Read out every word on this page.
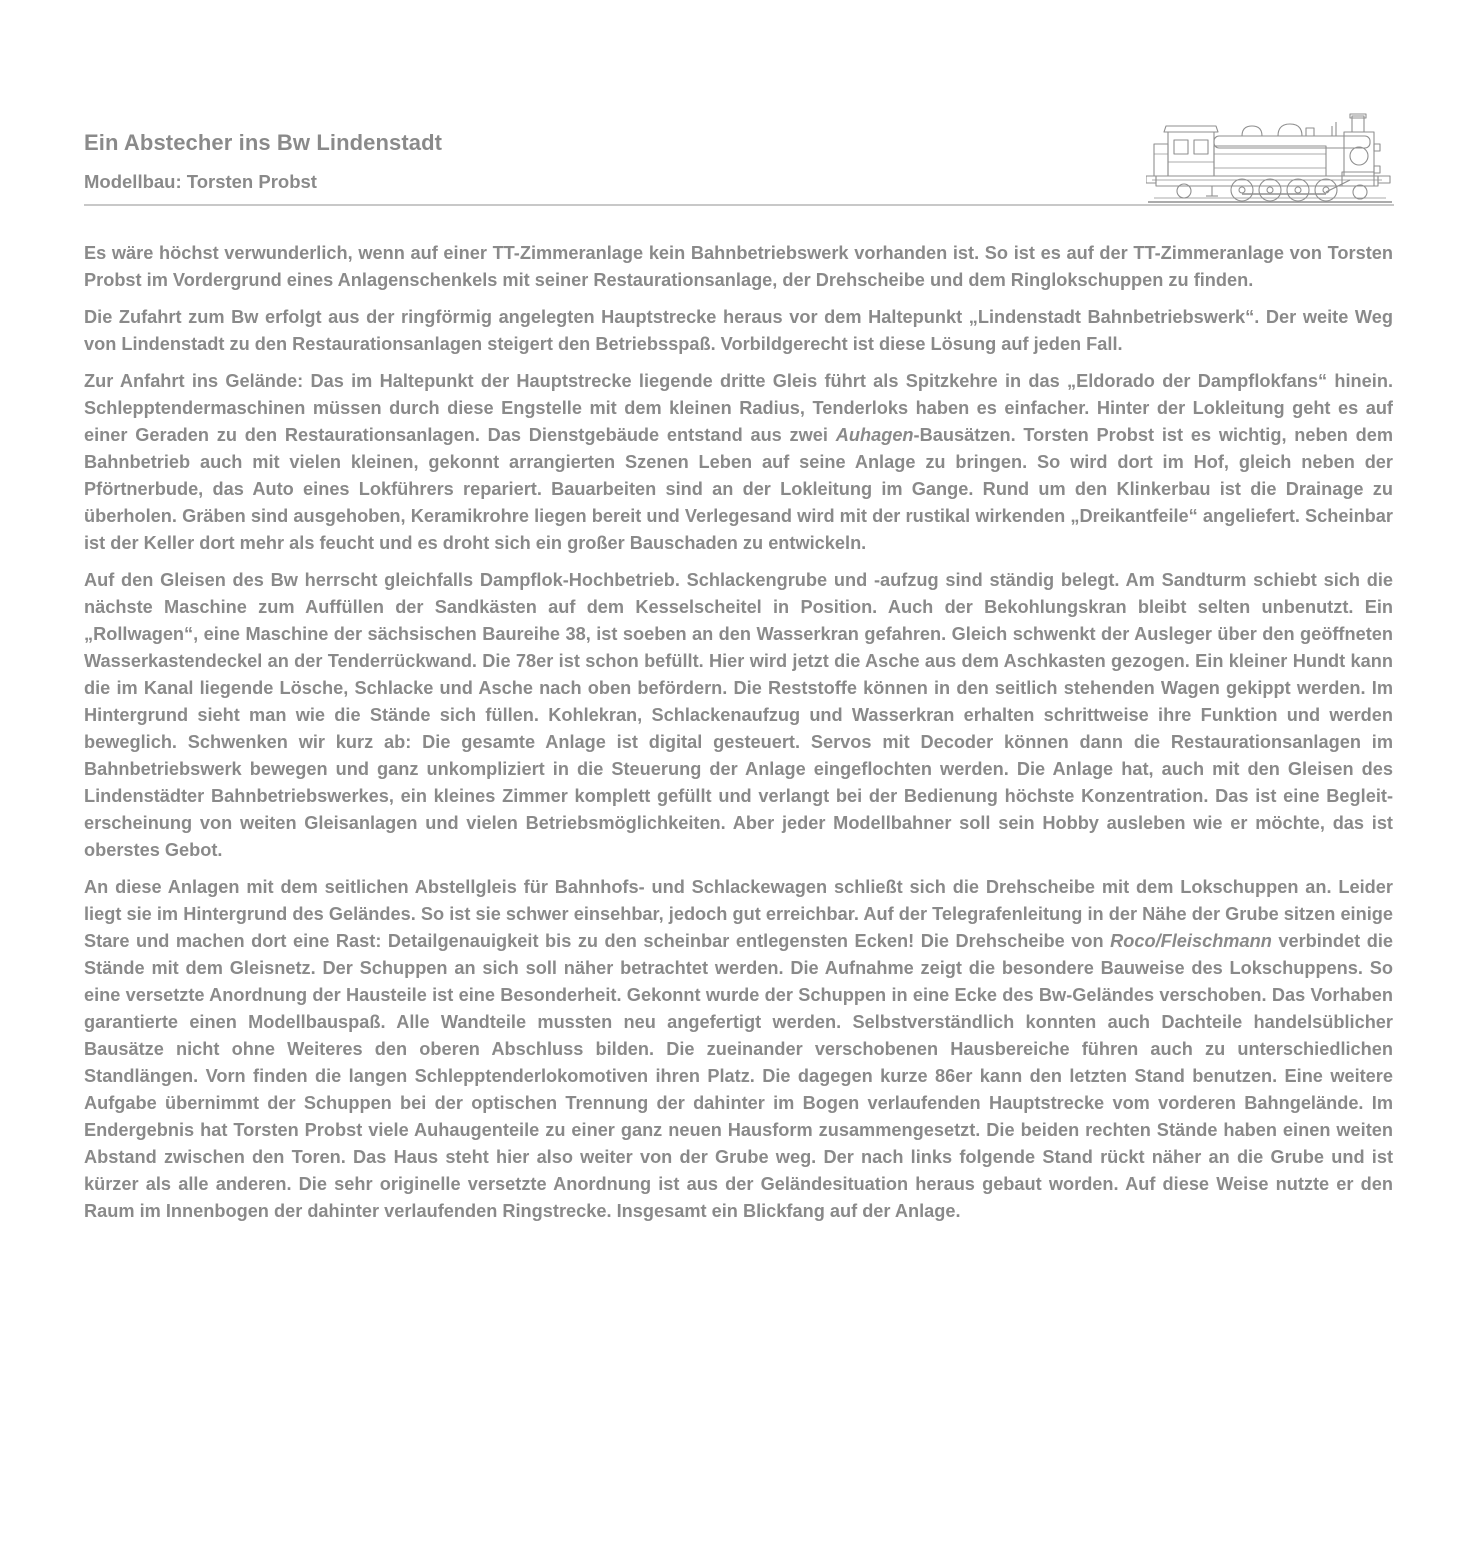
Ein Abstecher ins Bw Lindenstadt
Modellbau: Torsten Probst

Es wäre höchst verwunderlich, wenn auf einer TT-Zimmeranlage kein Bahnbetriebswerk vorhanden ist. So ist es auf der TT-Zimmeranlage von Torsten Probst im Vordergrund eines Anlagenschenkels mit seiner Restaurationsanlage, der Drehscheibe und dem Ringlokschuppen zu finden.

Die Zufahrt zum Bw erfolgt aus der ringförmig angelegten Hauptstrecke heraus vor dem Haltepunkt „Lindenstadt Bahnbetriebswerk“. Der weite Weg von Lindenstadt zu den Restaurationsanlagen steigert den Betriebsspaß. Vorbildgerecht ist diese Lösung auf jeden Fall.

Zur Anfahrt ins Gelände: Das im Haltepunkt der Hauptstrecke liegende dritte Gleis führt als Spitzkehre in das „Eldorado der Dampflokfans“ hinein. Schlepptendermaschinen müssen durch diese Engstelle mit dem kleinen Radius, Tenderloks haben es einfacher. Hinter der Lokleitung geht es auf einer Geraden zu den Restaurationsanlagen. Das Dienstgebäude entstand aus zwei Auhagen-Bausätzen. Torsten Probst ist es wichtig, neben dem Bahnbetrieb auch mit vielen kleinen, gekonnt arrangierten Szenen Leben auf seine Anlage zu bringen. So wird dort im Hof, gleich neben der Pförtnerbude, das Auto eines Lokführers repariert. Bauarbeiten sind an der Lokleitung im Gange. Rund um den Klinkerbau ist die Drainage zu überholen. Gräben sind ausgehoben, Keramikrohre liegen bereit und Verlegesand wird mit der rustikal wirkenden „Dreikantfeile“ angeliefert. Scheinbar ist der Keller dort mehr als feucht und es droht sich ein großer Bauschaden zu entwickeln.

Auf den Gleisen des Bw herrscht gleichfalls Dampflok-Hochbetrieb. Schlackengrube und -aufzug sind ständig belegt. Am Sandturm schiebt sich die nächste Maschine zum Auffüllen der Sandkästen auf dem Kesselscheitel in Position. Auch der Bekohlungskran bleibt selten unbenutzt. Ein „Rollwagen“, eine Maschine der sächsischen Baureihe 38, ist soeben an den Wasserkran gefahren. Gleich schwenkt der Ausleger über den geöffneten Wasserkastendeckel an der Tenderrückwand. Die 78er ist schon befüllt. Hier wird jetzt die Asche aus dem Aschkasten gezogen. Ein kleiner Hundt kann die im Kanal liegende Lösche, Schlacke und Asche nach oben befördern. Die Reststoffe können in den seitlich stehenden Wagen gekippt werden. Im Hintergrund sieht man wie die Stände sich füllen. Kohlekran, Schlackenaufzug und Wasserkran erhalten schrittweise ihre Funktion und werden beweglich. Schwenken wir kurz ab: Die gesamte Anlage ist digital gesteuert. Servos mit Decoder können dann die Restaurationsanlagen im Bahnbetriebswerk bewegen und ganz unkompliziert in die Steuerung der Anlage eingeflochten werden. Die Anlage hat, auch mit den Gleisen des Lindenstädter Bahnbetriebswerkes, ein kleines Zimmer komplett gefüllt und verlangt bei der Bedienung höchste Konzentration. Das ist eine Begleiterscheinung von weiten Gleisanlagen und vielen Betriebsmöglichkeiten. Aber jeder Modellbahner soll sein Hobby ausleben wie er möchte, das ist oberstes Gebot.

An diese Anlagen mit dem seitlichen Abstellgleis für Bahnhofs- und Schlackewagen schließt sich die Drehscheibe mit dem Lokschuppen an. Leider liegt sie im Hintergrund des Geländes. So ist sie schwer einsehbar, jedoch gut erreichbar. Auf der Telegrafenleitung in der Nähe der Grube sitzen einige Stare und machen dort eine Rast: Detailgenauigkeit bis zu den scheinbar entlegensten Ecken! Die Drehscheibe von Roco/Fleischmann verbindet die Stände mit dem Gleisnetz. Der Schuppen an sich soll näher betrachtet werden. Die Aufnahme zeigt die besondere Bauweise des Lokschuppens. So eine versetzte Anordnung der Hausteile ist eine Besonderheit. Gekonnt wurde der Schuppen in eine Ecke des Bw-Geländes verschoben. Das Vorhaben garantierte einen Modellbauspaß. Alle Wandteile mussten neu angefertigt werden. Selbstverständlich konnten auch Dachteile handelsüblicher Bausätze nicht ohne Weiteres den oberen Abschluss bilden. Die zueinander verschobenen Hausbereiche führen auch zu unterschiedlichen Standlängen. Vorn finden die langen Schlepptenderlokomotiven ihren Platz. Die dagegen kurze 86er kann den letzten Stand benutzen. Eine weitere Aufgabe übernimmt der Schuppen bei der optischen Trennung der dahinter im Bogen verlaufenden Hauptstrecke vom vorderen Bahngelände. Im Endergebnis hat Torsten Probst viele Auhaugenteile zu einer ganz neuen Hausform zusammengesetzt. Die beiden rechten Stände haben einen weiten Abstand zwischen den Toren. Das Haus steht hier also weiter von der Grube weg. Der nach links folgende Stand rückt näher an die Grube und ist kürzer als alle anderen. Die sehr originelle versetzte Anordnung ist aus der Geländesituation heraus gebaut worden. Auf diese Weise nutzte er den Raum im Innenbogen der dahinter verlaufenden Ringstrecke. Insgesamt ein Blickfang auf der Anlage.
